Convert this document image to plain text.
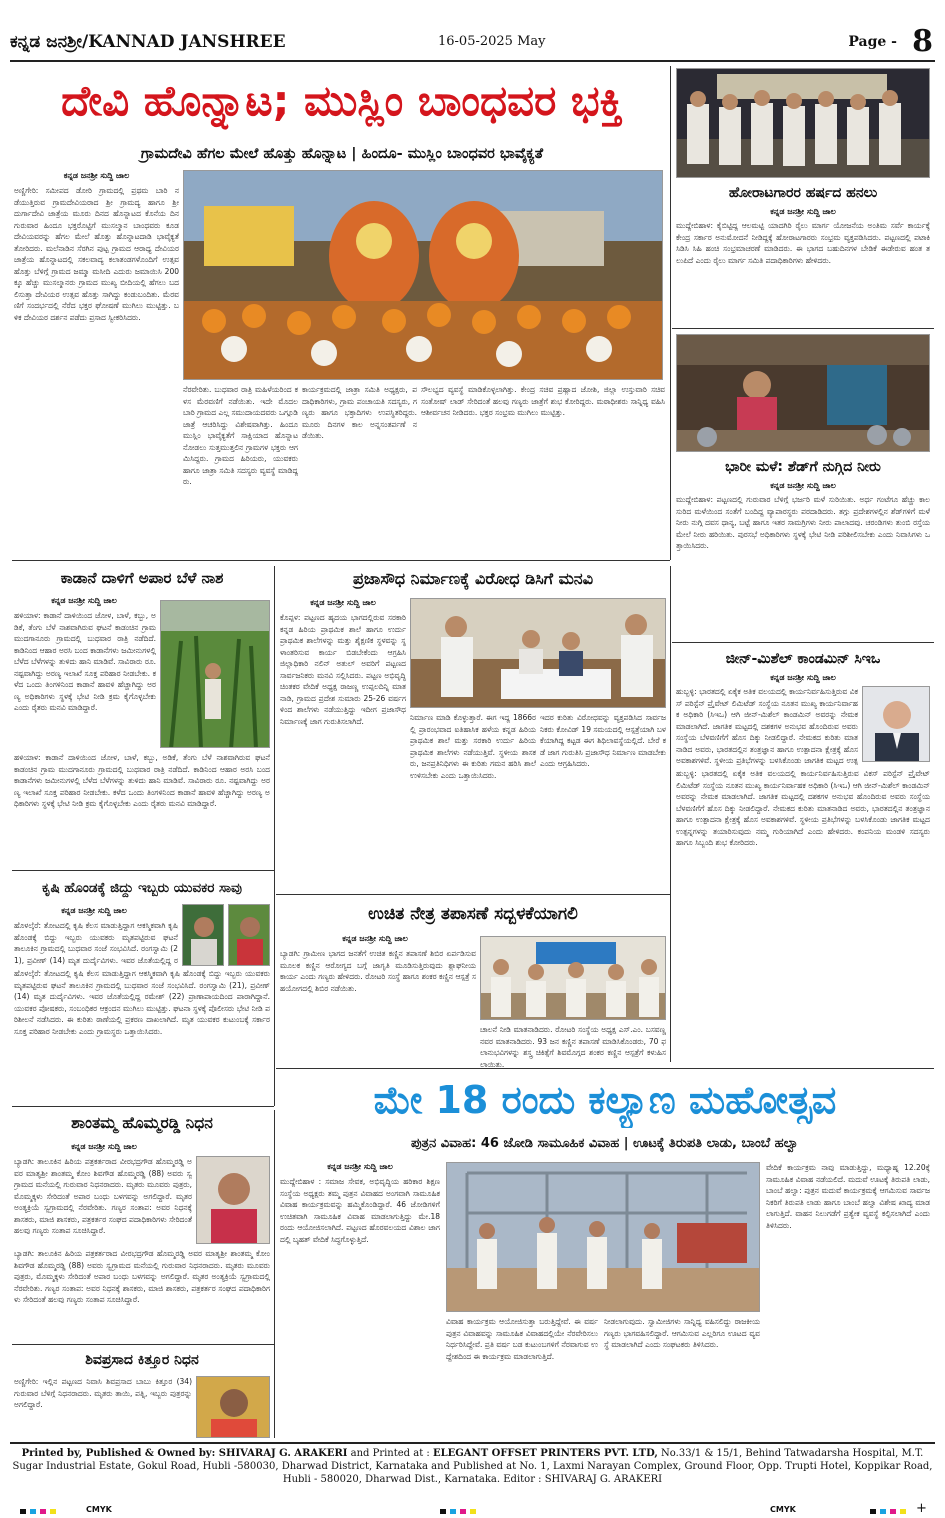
ಕನ್ನಡ ಜನಶ್ರೀ/KANNAD JANSHREE	16-05-2025 May	Page - 8
ದೇವಿ ಹೊನ್ನಾಟ; ಮುಸ್ಲಿಂ ಬಾಂಧವರ ಭಕ್ತಿ
ಗ್ರಾಮದೇವಿ ಹೆಗಲ ಮೇಲೆ ಹೊತ್ತು ಹೊನ್ನಾಟ | ಹಿಂದೂ- ಮುಸ್ಲಿಂ ಬಾಂಧವರ ಭಾವೈಕ್ಯತೆ
ಕನ್ನಡ ಜನಶ್ರೀ ಸುದ್ದಿ ಜಾಲ
ಅಣ್ಣಿಗೇರಿ: ಸಮೀಪದ ಡೋರಿ ಗ್ರಾಮದಲ್ಲಿ ಪ್ರಥಮ ಬಾರಿ ನಡೆಯುತ್ತಿರುವ ಗ್ರಾಮದೇವಿಯರಾದ ಶ್ರೀ ಗ್ರಾಮದ್ಯ ಹಾಗೂ ಶ್ರೀ ದುರ್ಗಾದೇವಿ ಜಾತ್ರೆಯ ಮೂರು ದಿನದ ಹೊನ್ನಾಟದ ಕೊನೆಯ ದಿನ ಗುರುವಾರ ಹಿಂದೂ ಭಕ್ತರೊಟ್ಟಿಗೆ ಮುಸಲ್ಮಾನ ಬಾಂಧವರು ಕೂಡ ದೇವಿಯವರನ್ನು ಹೆಗಲ ಮೇಲೆ ಹೊತ್ತು ಹೊನ್ನಾಟದಾಡಿ ಭಾವೈಕ್ಯತೆ ತೋರಿದರು. ಮಲೆನಾಡಿನ ಸೆರಗಿನ ಪುಟ್ಟ ಗ್ರಾಮದ ಆರಾಧ್ಯ ದೇವಿಯರ ಜಾತ್ರೆಯ ಹೊನ್ನಾಟದಲ್ಲಿ ಸಕಲವಾದ್ಯ ಕಲಾತಂಡಗಳೊಂದಿಗೆ ಉತ್ಸವ ಹೊತ್ತು ಬೆಳಿಗ್ಗೆ ಗ್ರಾಮದ ಜಮ್ಮಾ ಮಸೀದಿ ಎದುರು ಜಮಾಯಿಸಿ 200 ಕ್ಕೂ ಹೆಚ್ಚು ಮುಸಲ್ಮಾನರು ಗ್ರಾಮದ ಮುಖ್ಯ ಬೀದಿಯಲ್ಲಿ ಹೆಗಲು ಬದಲಿಸುತ್ತಾ ದೇವಿಯರ ಉತ್ಸವ ಹೊತ್ತು ಸಾಗಿದ್ದು ಕಂಡುಬಂದಿತು. ಮೆರವಣಿಗೆ ಸಂದರ್ಭದಲ್ಲಿ ನೆರೆದ ಭಕ್ತರ ಘೋಷಣೆ ಮುಗಿಲು ಮುಟ್ಟಿತ್ತು. ಬಳಿಕ ದೇವಿಯರ ದರ್ಶನ ಪಡೆದು ಪ್ರಸಾದ ಸ್ವೀಕರಿಸಿದರು.
ನೆರವೇರಿತು. ಬುಧವಾರ ರಾತ್ರಿ ಮಹಿಳೆಯರಿಂದ ಕಳಸ ಮೆರವಣಿಗೆ ನಡೆಯಿತು. ಇದೇ ಮೊದಲ ಬಾರಿ ಗ್ರಾಮದ ಎಲ್ಲ ಸಮುದಾಯದವರು ಒಗ್ಗೂಡಿ ಜಾತ್ರೆ ಆಚರಿಸಿದ್ದು ವಿಶೇಷವಾಗಿತ್ತು. ಹಿಂದೂ ಮುಸ್ಲಿಂ ಭಾವೈಕ್ಯತೆಗೆ ಸಾಕ್ಷಿಯಾದ ಹೊನ್ನಾಟ ನೋಡಲು ಸುತ್ತಮುತ್ತಲಿನ ಗ್ರಾಮಗಳ ಭಕ್ತರು ಆಗಮಿಸಿದ್ದರು. ಗ್ರಾಮದ ಹಿರಿಯರು, ಯುವಕರು ಹಾಗೂ ಜಾತ್ರಾ ಸಮಿತಿ ಸದಸ್ಯರು ವ್ಯವಸ್ಥೆ ಮಾಡಿದ್ದರು.
ಕಾರ್ಯಕ್ರಮದಲ್ಲಿ ಜಾತ್ರಾ ಸಮಿತಿ ಅಧ್ಯಕ್ಷರು, ಪದಾಧಿಕಾರಿಗಳು, ಗ್ರಾಮ ಪಂಚಾಯತಿ ಸದಸ್ಯರು, ಗಣ್ಯರು ಹಾಗೂ ಭಕ್ತಾದಿಗಳು ಉಪಸ್ಥಿತರಿದ್ದರು. ಮೂರು ದಿನಗಳ ಕಾಲ ಅನ್ನಸಂತರ್ಪಣೆ ನಡೆಯಿತು.
ಸೌಲಭ್ಯದ ವ್ಯವಸ್ಥೆ ಮಾಡಿಕೊಳ್ಳಲಾಗಿತ್ತು. ಕೇಂದ್ರ ಸಚಿವ ಪ್ರಹ್ಲಾದ ಜೋಶಿ, ಜಿಲ್ಲಾ ಉಸ್ತುವಾರಿ ಸಚಿವ ಸಂತೋಷ್ ಲಾಡ್ ಸೇರಿದಂತೆ ಹಲವು ಗಣ್ಯರು ಜಾತ್ರೆಗೆ ಶುಭ ಕೋರಿದ್ದರು. ಮಠಾಧೀಶರು ಸಾನ್ನಿಧ್ಯ ವಹಿಸಿ ಆಶೀರ್ವಚನ ನೀಡಿದರು. ಭಕ್ತರ ಸಂಭ್ರಮ ಮುಗಿಲು ಮುಟ್ಟಿತ್ತು.
ಹೋರಾಟಗಾರರ ಹರ್ಷದ ಹನಲು
ಕನ್ನಡ ಜನಶ್ರೀ ಸುದ್ದಿ ಜಾಲ
ಮುದ್ದೇಬಿಹಾಳ: ಕೈಬಿಟ್ಟಿದ್ದ ಆಲಮಟ್ಟಿ ಯಾದಗಿರಿ ರೈಲು ಮಾರ್ಗ ಯೋಜನೆಯ ಅಂತಿಮ ಸರ್ವೆ ಕಾರ್ಯಕ್ಕೆ ಕೇಂದ್ರ ಸರ್ಕಾರ ಅನುಮೋದನೆ ನೀಡಿದ್ದಕ್ಕೆ ಹೋರಾಟಗಾರರು ಸಂಭ್ರಮ ವ್ಯಕ್ತಪಡಿಸಿದರು. ಪಟ್ಟಣದಲ್ಲಿ ಪಟಾಕಿ ಸಿಡಿಸಿ ಸಿಹಿ ಹಂಚಿ ಸಂಭ್ರಮಾಚರಣೆ ಮಾಡಿದರು. ಈ ಭಾಗದ ಬಹುದಿನಗಳ ಬೇಡಿಕೆ ಈಡೇರುವ ಹಂತ ತಲುಪಿದೆ ಎಂದು ರೈಲು ಮಾರ್ಗ ಸಮಿತಿ ಪದಾಧಿಕಾರಿಗಳು ಹೇಳಿದರು.
ಭಾರೀ ಮಳೆ: ಶೆಡ್‌ಗೆ ನುಗ್ಗಿದ ನೀರು
ಕನ್ನಡ ಜನಶ್ರೀ ಸುದ್ದಿ ಜಾಲ
ಮುದ್ದೇಬಿಹಾಳ: ಪಟ್ಟಣದಲ್ಲಿ ಗುರುವಾರ ಬೆಳಿಗ್ಗೆ ಭರ್ಜರಿ ಮಳೆ ಸುರಿಯಿತು. ಅರ್ಧ ಗಂಟೆಗೂ ಹೆಚ್ಚು ಕಾಲ ಸುರಿದ ಮಳೆಯಿಂದ ಸಂತೆಗೆ ಬಂದಿದ್ದ ವ್ಯಾಪಾರಸ್ಥರು ಪರದಾಡಿದರು. ತಗ್ಗು ಪ್ರದೇಶಗಳಲ್ಲಿನ ಶೆಡ್‌ಗಳಿಗೆ ಮಳೆ ನೀರು ನುಗ್ಗಿ ದವಸ ಧಾನ್ಯ, ಬಟ್ಟೆ ಹಾಗೂ ಇತರ ಸಾಮಗ್ರಿಗಳು ನೀರು ಪಾಲಾದವು. ಚರಂಡಿಗಳು ತುಂಬಿ ರಸ್ತೆಯ ಮೇಲೆ ನೀರು ಹರಿಯಿತು. ಪುರಸಭೆ ಅಧಿಕಾರಿಗಳು ಸ್ಥಳಕ್ಕೆ ಭೇಟಿ ನೀಡಿ ಪರಿಶೀಲಿಸಬೇಕು ಎಂದು ನಿವಾಸಿಗಳು ಒತ್ತಾಯಿಸಿದರು.
ಜೀನ್-ಮಿಶೆಲ್ ಕಾಂಡಮಿನ್ ಸಿಇಒ
ಕನ್ನಡ ಜನಶ್ರೀ ಸುದ್ದಿ ಜಾಲ
ಹುಬ್ಬಳ್ಳಿ: ಭಾರತದಲ್ಲಿ ಏಕೈಕ ಅತಿಕ ವಲಯದಲ್ಲಿ ಕಾರ್ಯನಿರ್ವಹಿಸುತ್ತಿರುವ ವಿಕಸ್ ಪರಿಸ್ಟೆನ್ ಪ್ರೈವೇಟ್ ಲಿಮಿಟೆಡ್ ಸಂಸ್ಥೆಯ ನೂತನ ಮುಖ್ಯ ಕಾರ್ಯನಿರ್ವಾಹಕ ಅಧಿಕಾರಿ (ಸಿಇಒ) ಆಗಿ ಜೀನ್-ಮಿಶೆಲ್ ಕಾಂಡಮಿನ್ ಅವರನ್ನು ನೇಮಕ ಮಾಡಲಾಗಿದೆ. ಜಾಗತಿಕ ಮಟ್ಟದಲ್ಲಿ ದಶಕಗಳ ಅನುಭವ ಹೊಂದಿರುವ ಅವರು ಸಂಸ್ಥೆಯ ಬೆಳವಣಿಗೆಗೆ ಹೊಸ ದಿಕ್ಕು ನೀಡಲಿದ್ದಾರೆ. ನೇಮಕದ ಕುರಿತು ಮಾತನಾಡಿದ ಅವರು, ಭಾರತದಲ್ಲಿನ ತಂತ್ರಜ್ಞಾನ ಹಾಗೂ ಉತ್ಪಾದನಾ ಕ್ಷೇತ್ರಕ್ಕೆ ಹೊಸ ಅವಕಾಶಗಳಿವೆ. ಸ್ಥಳೀಯ ಪ್ರತಿಭೆಗಳನ್ನು ಬಳಸಿಕೊಂಡು ಜಾಗತಿಕ ಮಟ್ಟದ ಉತ್ಪ
ಹುಬ್ಬಳ್ಳಿ: ಭಾರತದಲ್ಲಿ ಏಕೈಕ ಅತಿಕ ವಲಯದಲ್ಲಿ ಕಾರ್ಯನಿರ್ವಹಿಸುತ್ತಿರುವ ವಿಕಸ್ ಪರಿಸ್ಟೆನ್ ಪ್ರೈವೇಟ್ ಲಿಮಿಟೆಡ್ ಸಂಸ್ಥೆಯ ನೂತನ ಮುಖ್ಯ ಕಾರ್ಯನಿರ್ವಾಹಕ ಅಧಿಕಾರಿ (ಸಿಇಒ) ಆಗಿ ಜೀನ್-ಮಿಶೆಲ್ ಕಾಂಡಮಿನ್ ಅವರನ್ನು ನೇಮಕ ಮಾಡಲಾಗಿದೆ. ಜಾಗತಿಕ ಮಟ್ಟದಲ್ಲಿ ದಶಕಗಳ ಅನುಭವ ಹೊಂದಿರುವ ಅವರು ಸಂಸ್ಥೆಯ ಬೆಳವಣಿಗೆಗೆ ಹೊಸ ದಿಕ್ಕು ನೀಡಲಿದ್ದಾರೆ. ನೇಮಕದ ಕುರಿತು ಮಾತನಾಡಿದ ಅವರು, ಭಾರತದಲ್ಲಿನ ತಂತ್ರಜ್ಞಾನ ಹಾಗೂ ಉತ್ಪಾದನಾ ಕ್ಷೇತ್ರಕ್ಕೆ ಹೊಸ ಅವಕಾಶಗಳಿವೆ. ಸ್ಥಳೀಯ ಪ್ರತಿಭೆಗಳನ್ನು ಬಳಸಿಕೊಂಡು ಜಾಗತಿಕ ಮಟ್ಟದ ಉತ್ಪನ್ನಗಳನ್ನು ತಯಾರಿಸುವುದು ನಮ್ಮ ಗುರಿಯಾಗಿದೆ ಎಂದು ಹೇಳಿದರು. ಕಂಪನಿಯ ಮಂಡಳಿ ಸದಸ್ಯರು ಹಾಗೂ ಸಿಬ್ಬಂದಿ ಶುಭ ಕೋರಿದರು.
ಕಾಡಾನೆ ದಾಳಿಗೆ ಅಪಾರ ಬೆಳೆ ನಾಶ
ಕನ್ನಡ ಜನಶ್ರೀ ಸುದ್ದಿ ಜಾಲ
ಹಳಿಯಾಳ: ಕಾಡಾನೆ ದಾಳಿಯಿಂದ ಜೋಳ, ಬಾಳೆ, ಕಬ್ಬು, ಅಡಿಕೆ, ತೆಂಗು ಬೆಳೆ ನಾಶವಾಗಿರುವ ಘಟನೆ ಕಾಡಂಚಿನ ಗ್ರಾಮ ಮುದಗಾನೂರು ಗ್ರಾಮದಲ್ಲಿ ಬುಧವಾರ ರಾತ್ರಿ ನಡೆದಿದೆ. ಕಾಡಿನಿಂದ ಆಹಾರ ಅರಸಿ ಬಂದ ಕಾಡಾನೆಗಳು ಜಮೀನುಗಳಲ್ಲಿ ಬೆಳೆದ ಬೆಳೆಗಳನ್ನು ತುಳಿದು ಹಾನಿ ಮಾಡಿವೆ. ಸಾವಿರಾರು ರೂ. ನಷ್ಟವಾಗಿದ್ದು ಅರಣ್ಯ ಇಲಾಖೆ ಸೂಕ್ತ ಪರಿಹಾರ ನೀಡಬೇಕು. ಕಳೆದ ಒಂದು ತಿಂಗಳಿನಿಂದ ಕಾಡಾನೆ ಹಾವಳಿ ಹೆಚ್ಚಾಗಿದ್ದು ಅರಣ್ಯ ಅಧಿಕಾರಿಗಳು ಸ್ಥಳಕ್ಕೆ ಭೇಟಿ ನೀಡಿ ಕ್ರಮ ಕೈಗೊಳ್ಳಬೇಕು ಎಂದು ರೈತರು ಮನವಿ ಮಾಡಿದ್ದಾರೆ.
ಹಳಿಯಾಳ: ಕಾಡಾನೆ ದಾಳಿಯಿಂದ ಜೋಳ, ಬಾಳೆ, ಕಬ್ಬು, ಅಡಿಕೆ, ತೆಂಗು ಬೆಳೆ ನಾಶವಾಗಿರುವ ಘಟನೆ ಕಾಡಂಚಿನ ಗ್ರಾಮ ಮುದಗಾನೂರು ಗ್ರಾಮದಲ್ಲಿ ಬುಧವಾರ ರಾತ್ರಿ ನಡೆದಿದೆ. ಕಾಡಿನಿಂದ ಆಹಾರ ಅರಸಿ ಬಂದ ಕಾಡಾನೆಗಳು ಜಮೀನುಗಳಲ್ಲಿ ಬೆಳೆದ ಬೆಳೆಗಳನ್ನು ತುಳಿದು ಹಾನಿ ಮಾಡಿವೆ. ಸಾವಿರಾರು ರೂ. ನಷ್ಟವಾಗಿದ್ದು ಅರಣ್ಯ ಇಲಾಖೆ ಸೂಕ್ತ ಪರಿಹಾರ ನೀಡಬೇಕು. ಕಳೆದ ಒಂದು ತಿಂಗಳಿನಿಂದ ಕಾಡಾನೆ ಹಾವಳಿ ಹೆಚ್ಚಾಗಿದ್ದು ಅರಣ್ಯ ಅಧಿಕಾರಿಗಳು ಸ್ಥಳಕ್ಕೆ ಭೇಟಿ ನೀಡಿ ಕ್ರಮ ಕೈಗೊಳ್ಳಬೇಕು ಎಂದು ರೈತರು ಮನವಿ ಮಾಡಿದ್ದಾರೆ.
ಪ್ರಜಾಸೌಧ ನಿರ್ಮಾಣಕ್ಕೆ ವಿರೋಧ ಡಿಸಿಗೆ ಮನವಿ
ಕನ್ನಡ ಜನಶ್ರೀ ಸುದ್ದಿ ಜಾಲ
ಕೊಪ್ಪಳ: ಪಟ್ಟಣದ ಹೃದಯ ಭಾಗದಲ್ಲಿರುವ ಸರಕಾರಿ ಕನ್ನಡ ಹಿರಿಯ ಪ್ರಾಥಮಿಕ ಶಾಲೆ ಹಾಗೂ ಉರ್ದು ಪ್ರಾಥಮಿಕ ಶಾಲೆಗಳನ್ನು ಮತ್ತು ಶೈಕ್ಷಣಿಕ ಸ್ಥಳವನ್ನು ಸ್ಥಳಾಂತರಿಸುವ ಕಾರ್ಯ ಬಿಡಬೇಕೆಂದು ಆಗ್ರಹಿಸಿ ಜಿಲ್ಲಾಧಿಕಾರಿ ನಲಿನ್ ಅತುಲ್ ಅವರಿಗೆ ಪಟ್ಟಣದ ಸಾರ್ವಜನಿಕರು ಮನವಿ ಸಲ್ಲಿಸಿದರು. ಪಟ್ಟಣ ಅಭಿವೃದ್ಧಿ ಚಿಂತಕರ ವೇದಿಕೆ ಅಧ್ಯಕ್ಷ ರಾಜಣ್ಣ ಉಪ್ಪಲದಿನ್ನಿ ಮಾತನಾಡಿ, ಗ್ರಾಮದ ಪ್ರದೇಶ ಸುಮಾರು 25-26 ವರ್ಷಗಳಿಂದ ಶಾಲೆಗಳು ನಡೆಯುತ್ತಿದ್ದು ಇದೀಗ ಪ್ರಜಾಸೌಧ ನಿರ್ಮಾಣಕ್ಕೆ ಜಾಗ ಗುರುತಿಸಲಾಗಿದೆ.	ನಿರ್ಮಾಣ ಮಾಡಿ ಕೊಳ್ಳುತ್ತಾರೆ. ಈಗ ಇದ್ದ 1866ರಲ್ಲಿ ಪ್ರಾರಂಭವಾದ ಐತಿಹಾಸಿಕ ಹಳೆಯ ಕನ್ನಡ ಹಿರಿಯ ಪ್ರಾಥಮಿಕ ಶಾಲೆ ಮತ್ತು ಸರಕಾರಿ ಉರ್ದು ಹಿರಿಯ ಪ್ರಾಥಮಿಕ ಶಾಲೆಗಳು ನಡೆಯುತ್ತಿವೆ. ಸ್ಥಳೀಯ ಶಾಸಕರು, ಜನಪ್ರತಿನಿಧಿಗಳು ಈ ಕುರಿತು ಗಮನ ಹರಿಸಿ ಶಾಲೆ ಉಳಿಸಬೇಕು ಎಂದು ಒತ್ತಾಯಿಸಿದರು.
ಇದರ ಕುರಿತು ವಿರೋಧವನ್ನು ವ್ಯಕ್ತಪಡಿಸಿದ ಸಾರ್ವಜನಿಕರು ಕೋವಿಡ್ 19 ಸಮಯದಲ್ಲಿ ಆಸ್ಪತ್ರೆಯಾಗಿ ಬಳಕೆಯಾಗಿದ್ದ ಕಟ್ಟಡ ಈಗ ಶಿಥಿಲಾವಸ್ಥೆಯಲ್ಲಿದೆ. ಬೇರೆ ಕಡೆ ಜಾಗ ಗುರುತಿಸಿ ಪ್ರಜಾಸೌಧ ನಿರ್ಮಾಣ ಮಾಡಬೇಕು ಎಂದು ಆಗ್ರಹಿಸಿದರು.
ಕೃಷಿ ಹೊಂಡಕ್ಕೆ ಜಿದ್ದು ಇಬ್ಬರು ಯುವಕರ ಸಾವು
ಕನ್ನಡ ಜನಶ್ರೀ ಸುದ್ದಿ ಜಾಲ
ಹೊಳಲ್ಕೆರೆ: ತೋಟದಲ್ಲಿ ಕೃಷಿ ಕೆಲಸ ಮಾಡುತ್ತಿದ್ದಾಗ ಆಕಸ್ಮಿಕವಾಗಿ ಕೃಷಿ ಹೊಂಡಕ್ಕೆ ಬಿದ್ದು ಇಬ್ಬರು ಯುವಕರು ಮೃತಪಟ್ಟಿರುವ ಘಟನೆ ತಾಲೂಕಿನ ಗ್ರಾಮದಲ್ಲಿ ಬುಧವಾರ ಸಂಜೆ ಸಂಭವಿಸಿದೆ. ರಂಗಸ್ವಾಮಿ (21), ಪ್ರವೀಣ್ (14) ಮೃತ ದುರ್ದೈವಿಗಳು. ಇವರ ಜೊತೆಯಲ್ಲಿದ್ದ ರ
ಹೊಳಲ್ಕೆರೆ: ತೋಟದಲ್ಲಿ ಕೃಷಿ ಕೆಲಸ ಮಾಡುತ್ತಿದ್ದಾಗ ಆಕಸ್ಮಿಕವಾಗಿ ಕೃಷಿ ಹೊಂಡಕ್ಕೆ ಬಿದ್ದು ಇಬ್ಬರು ಯುವಕರು ಮೃತಪಟ್ಟಿರುವ ಘಟನೆ ತಾಲೂಕಿನ ಗ್ರಾಮದಲ್ಲಿ ಬುಧವಾರ ಸಂಜೆ ಸಂಭವಿಸಿದೆ. ರಂಗಸ್ವಾಮಿ (21), ಪ್ರವೀಣ್ (14) ಮೃತ ದುರ್ದೈವಿಗಳು. ಇವರ ಜೊತೆಯಲ್ಲಿದ್ದ ರಮೇಶ್ (22) ಪ್ರಾಣಾಪಾಯದಿಂದ ಪಾರಾಗಿದ್ದಾನೆ. ಯುವಕರ ಪೋಷಕರು, ಸಂಬಂಧಿಕರ ಆಕ್ರಂದನ ಮುಗಿಲು ಮುಟ್ಟಿತ್ತು. ಘಟನಾ ಸ್ಥಳಕ್ಕೆ ಪೊಲೀಸರು ಭೇಟಿ ನೀಡಿ ಪರಿಶೀಲನೆ ನಡೆಸಿದರು. ಈ ಕುರಿತು ಠಾಣೆಯಲ್ಲಿ ಪ್ರಕರಣ ದಾಖಲಾಗಿದೆ. ಮೃತ ಯುವಕರ ಕುಟುಂಬಕ್ಕೆ ಸರ್ಕಾರ ಸೂಕ್ತ ಪರಿಹಾರ ನೀಡಬೇಕು ಎಂದು ಗ್ರಾಮಸ್ಥರು ಒತ್ತಾಯಿಸಿದರು.
ಉಚಿತ ನೇತ್ರ ತಪಾಸಣೆ ಸದ್ಬಳಕೆಯಾಗಲಿ
ಕನ್ನಡ ಜನಶ್ರೀ ಸುದ್ದಿ ಜಾಲ
ಬ್ಯಾಡಗಿ: ಗ್ರಾಮೀಣ ಭಾಗದ ಜನತೆಗೆ ಉಚಿತ ಕಣ್ಣಿನ ತಪಾಸಣೆ ಶಿಬಿರ ಏರ್ಪಡಿಸುವ ಮೂಲಕ ಕಣ್ಣಿನ ಆರೋಗ್ಯದ ಬಗ್ಗೆ ಜಾಗೃತಿ ಮೂಡಿಸುತ್ತಿರುವುದು ಶ್ಲಾಘನೀಯ ಕಾರ್ಯ ಎಂದು ಗಣ್ಯರು ಹೇಳಿದರು. ರೋಟರಿ ಸಂಸ್ಥೆ ಹಾಗೂ ಶಂಕರ ಕಣ್ಣಿನ ಆಸ್ಪತ್ರೆ ಸಹಯೋಗದಲ್ಲಿ ಶಿಬಿರ ನಡೆಯಿತು.
ಚಾಲನೆ ನೀಡಿ ಮಾತನಾಡಿದರು. ರೋಟರಿ ಸಂಸ್ಥೆಯ ಅಧ್ಯಕ್ಷ ಎಸ್.ಎಂ. ಬಸವಣ್ಣನವರ ಮಾತನಾಡಿದರು. 93 ಜನ ಕಣ್ಣಿನ ತಪಾಸಣೆ ಮಾಡಿಸಿಕೊಂಡರು, 70 ಫಲಾನುಭವಿಗಳನ್ನು ಶಸ್ತ್ರ ಚಿಕಿತ್ಸೆಗೆ ಶಿವಮೊಗ್ಗದ ಶಂಕರ ಕಣ್ಣಿನ ಆಸ್ಪತ್ರೆಗೆ ಕಳುಹಿಸಲಾಯಿತು.
ಶಾಂತಮ್ಮ ಹೊಮ್ಮರಡ್ಡಿ ನಿಧನ
ಕನ್ನಡ ಜನಶ್ರೀ ಸುದ್ದಿ ಜಾಲ
ಬ್ಯಾಡಗಿ: ತಾಲೂಕಿನ ಹಿರಿಯ ಪತ್ರಕರ್ತರಾದ ವೀರಭದ್ರಗೌಡ ಹೊಮ್ಮರಡ್ಡಿ ಅವರ ಮಾತೃಶ್ರೀ ಶಾಂತಮ್ಮ ಕೋಂ ಶಿವಗೌಡ ಹೊಮ್ಮರಡ್ಡಿ (88) ಅವರು ಸ್ವಗ್ರಾಮದ ಮನೆಯಲ್ಲಿ ಗುರುವಾರ ನಿಧನರಾದರು. ಮೃತರು ಮೂವರು ಪುತ್ರರು, ಮೊಮ್ಮಕ್ಕಳು ಸೇರಿದಂತೆ ಅಪಾರ ಬಂಧು ಬಳಗವನ್ನು ಅಗಲಿದ್ದಾರೆ. ಮೃತರ ಅಂತ್ಯಕ್ರಿಯೆ ಸ್ವಗ್ರಾಮದಲ್ಲಿ ನೆರವೇರಿತು. ಗಣ್ಯರ ಸಂತಾಪ: ಅವರ ನಿಧನಕ್ಕೆ ಶಾಸಕರು, ಮಾಜಿ ಶಾಸಕರು, ಪತ್ರಕರ್ತರ ಸಂಘದ ಪದಾಧಿಕಾರಿಗಳು ಸೇರಿದಂತೆ ಹಲವು ಗಣ್ಯರು ಸಂತಾಪ ಸೂಚಿಸಿದ್ದಾರೆ.
ಬ್ಯಾಡಗಿ: ತಾಲೂಕಿನ ಹಿರಿಯ ಪತ್ರಕರ್ತರಾದ ವೀರಭದ್ರಗೌಡ ಹೊಮ್ಮರಡ್ಡಿ ಅವರ ಮಾತೃಶ್ರೀ ಶಾಂತಮ್ಮ ಕೋಂ ಶಿವಗೌಡ ಹೊಮ್ಮರಡ್ಡಿ (88) ಅವರು ಸ್ವಗ್ರಾಮದ ಮನೆಯಲ್ಲಿ ಗುರುವಾರ ನಿಧನರಾದರು. ಮೃತರು ಮೂವರು ಪುತ್ರರು, ಮೊಮ್ಮಕ್ಕಳು ಸೇರಿದಂತೆ ಅಪಾರ ಬಂಧು ಬಳಗವನ್ನು ಅಗಲಿದ್ದಾರೆ. ಮೃತರ ಅಂತ್ಯಕ್ರಿಯೆ ಸ್ವಗ್ರಾಮದಲ್ಲಿ ನೆರವೇರಿತು. ಗಣ್ಯರ ಸಂತಾಪ: ಅವರ ನಿಧನಕ್ಕೆ ಶಾಸಕರು, ಮಾಜಿ ಶಾಸಕರು, ಪತ್ರಕರ್ತರ ಸಂಘದ ಪದಾಧಿಕಾರಿಗಳು ಸೇರಿದಂತೆ ಹಲವು ಗಣ್ಯರು ಸಂತಾಪ ಸೂಚಿಸಿದ್ದಾರೆ.
ಶಿವಪ್ರಸಾದ ಕಿತ್ತೂರ ನಿಧನ
ಅಣ್ಣಿಗೇರಿ: ಇಲ್ಲಿನ ಪಟ್ಟಣದ ನಿವಾಸಿ ಶಿವಪ್ರಸಾದ ಬಾಬು ಕಿತ್ತೂರ (34) ಗುರುವಾರ ಬೆಳಿಗ್ಗೆ ನಿಧನರಾದರು. ಮೃತರು ತಾಯಿ, ಪತ್ನಿ, ಇಬ್ಬರು ಪುತ್ರರನ್ನು ಅಗಲಿದ್ದಾರೆ.
ಮೇ 18 ರಂದು ಕಲ್ಯಾಣ ಮಹೋತ್ಸವ
ಪುತ್ರನ ವಿವಾಹ: 46 ಜೋಡಿ ಸಾಮೂಹಿಕ ವಿವಾಹ | ಊಟಕ್ಕೆ ತಿರುಪತಿ ಲಾಡು, ಬಾಂಬೆ ಹಲ್ವಾ
ಕನ್ನಡ ಜನಶ್ರೀ ಸುದ್ದಿ ಜಾಲ
ಮುದ್ದೇಬಿಹಾಳ : ಸಮಾಜ ಸೇವಕ, ಅಭಿವೃದ್ಧಿಯ ಹರಿಕಾರ ಶಿಕ್ಷಣ ಸಂಸ್ಥೆಯ ಅಧ್ಯಕ್ಷರು ತಮ್ಮ ಪುತ್ರನ ವಿವಾಹದ ಅಂಗವಾಗಿ ಸಾಮೂಹಿಕ ವಿವಾಹ ಕಾರ್ಯಕ್ರಮವನ್ನು ಹಮ್ಮಿಕೊಂಡಿದ್ದಾರೆ. 46 ಜೋಡಿಗಳಿಗೆ ಉಚಿತವಾಗಿ ಸಾಮೂಹಿಕ ವಿವಾಹ ಮಾಡಲಾಗುತ್ತಿದ್ದು ಮೇ.18 ರಂದು ಆಯೋಜಿಸಲಾಗಿದೆ. ಪಟ್ಟಣದ ಹೊರವಲಯದ ವಿಶಾಲ ಜಾಗದಲ್ಲಿ ಬೃಹತ್ ವೇದಿಕೆ ಸಿದ್ಧಗೊಳ್ಳುತ್ತಿದೆ.
ವಿವಾಹ ಕಾರ್ಯಕ್ರಮ ಆಯೋಜಿಸುತ್ತಾ ಬರುತ್ತಿದ್ದೇವೆ. ಈ ವರ್ಷ ಪುತ್ರನ ವಿವಾಹವನ್ನು ಸಾಮೂಹಿಕ ವಿವಾಹದಲ್ಲಿಯೇ ನೆರವೇರಿಸಲು ನಿರ್ಧರಿಸಿದ್ದೇವೆ. ಪ್ರತಿ ವರ್ಷ ಬಡ ಕುಟುಂಬಗಳಿಗೆ ನೆರವಾಗುವ ಉದ್ದೇಶದಿಂದ ಈ ಕಾರ್ಯಕ್ರಮ ಮಾಡಲಾಗುತ್ತಿದೆ.
ನೀಡಲಾಗುವುದು. ಸ್ವಾಮೀಜಿಗಳು ಸಾನ್ನಿಧ್ಯ ವಹಿಸಲಿದ್ದು ರಾಜಕೀಯ ಗಣ್ಯರು ಭಾಗವಹಿಸಲಿದ್ದಾರೆ. ಆಗಮಿಸುವ ಎಲ್ಲರಿಗೂ ಊಟದ ವ್ಯವಸ್ಥೆ ಮಾಡಲಾಗಿದೆ ಎಂದು ಸಂಘಟಕರು ತಿಳಿಸಿದರು.
ವೇದಿಕೆ ಕಾರ್ಯಕ್ರಮ ನಾವು ಮಾಡುತ್ತಿದ್ದು, ಮಧ್ಯಾಹ್ನ 12.20ಕ್ಕೆ ಸಾಮೂಹಿಕ ವಿವಾಹ ನಡೆಯಲಿದೆ. ಮದುವೆ ಊಟಕ್ಕೆ ತಿರುಪತಿ ಲಾಡು, ಬಾಂಬೆ ಹಲ್ವಾ: ಪುತ್ರನ ಮದುವೆ ಕಾರ್ಯಕ್ರಮಕ್ಕೆ ಆಗಮಿಸುವ ಸಾರ್ವಜನಿಕರಿಗೆ ತಿರುಪತಿ ಲಾಡು ಹಾಗೂ ಬಾಂಬೆ ಹಲ್ವಾ ವಿಶೇಷ ಖಾದ್ಯ ಮಾಡಲಾಗುತ್ತಿದೆ. ವಾಹನ ನಿಲುಗಡೆಗೆ ಪ್ರತ್ಯೇಕ ವ್ಯವಸ್ಥೆ ಕಲ್ಪಿಸಲಾಗಿದೆ ಎಂದು ತಿಳಿಸಿದರು.
Printed by, Published & Owned by: SHIVARAJ G. ARAKERI and Printed at : ELEGANT OFFSET PRINTERS PVT. LTD, No.33/1 & 15/1, Behind Tatwadarsha Hospital, M.T.
Sugar Industrial Estate, Gokul Road, Hubli -580030, Dharwad District, Karnataka and Published at No. 1, Laxmi Narayan Complex, Ground Floor, Opp. Trupti Hotel, Koppikar Road,
Hubli - 580020, Dharwad Dist., Karnataka. Editor : SHIVARAJ G. ARAKERI
CMYK	CMYK	+
